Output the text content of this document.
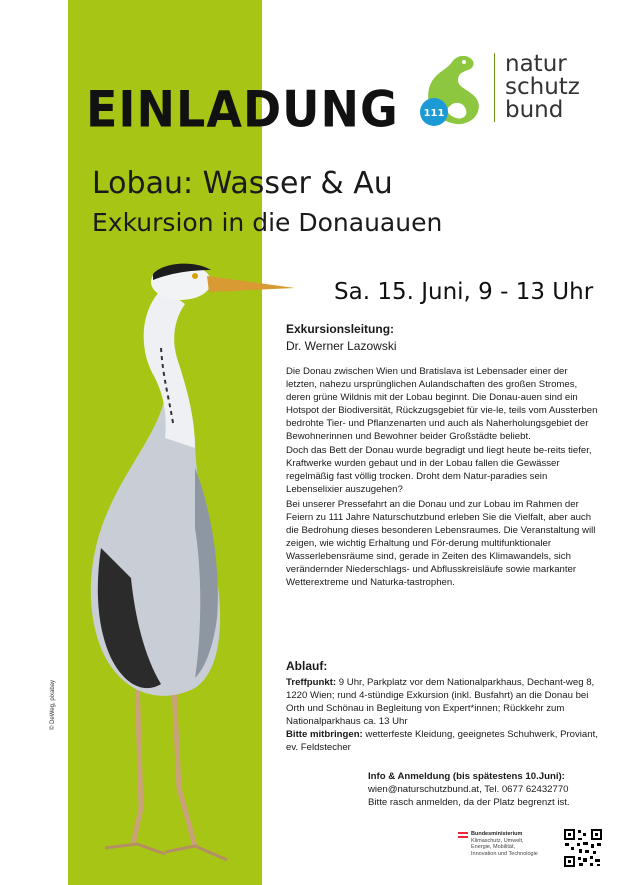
EINLADUNG 111
natur
schutz
bund
Lobau: Wasser & Au
Exkursion in die Donauauen
Sa. 15. Juni, 9 - 13 Uhr
© DeWeg, pixabay
Exkursionsleitung:
Dr. Werner Lazowski

Die Donau zwischen Wien und Bratislava ist Lebensader einer der letzten, nahezu ursprünglichen Aulandschaften des großen Stromes, deren grüne Wildnis mit der Lobau beginnt. Die Donau-auen sind ein Hotspot der Biodiversität, Rückzugsgebiet für vie-le, teils vom Aussterben bedrohte Tier- und Pflanzenarten und auch als Naherholungsgebiet der Bewohnerinnen und Bewohner beider Großstädte beliebt.

Doch das Bett der Donau wurde begradigt und liegt heute be-reits tiefer, Kraftwerke wurden gebaut und in der Lobau fallen die Gewässer regelmäßig fast völlig trocken. Droht dem Natur-paradies sein Lebenselixier auszugehen?

Bei unserer Pressefahrt an die Donau und zur Lobau im Rahmen der Feiern zu 111 Jahre Naturschutzbund erleben Sie die Vielfalt, aber auch die Bedrohung dieses besonderen Lebensraumes. Die Veranstaltung will zeigen, wie wichtig Erhaltung und För-derung multifunktionaler Wasserlebensräume sind, gerade in Zeiten des Klimawandels, sich verändernder Niederschlags- und Abflusskreisläufe sowie markanter Wetterextreme und Naturka-tastrophen.

Ablauf:

Treffpunkt: 9 Uhr, Parkplatz vor dem Nationalparkhaus, Dechant-weg 8, 1220 Wien; rund 4-stündige Exkursion (inkl. Busfahrt) an die Donau bei Orth und Schönau in Begleitung von Expert*innen; Rückkehr zum Nationalparkhaus ca. 13 Uhr

Bitte mitbringen: wetterfeste Kleidung, geeignetes Schuhwerk, Proviant, ev. Feldstecher

Info & Anmeldung (bis spätestens 10.Juni):

wien@naturschutzbund.at, Tel. 0677 62432770

Bitte rasch anmelden, da der Platz begrenzt ist.

Bundesministerium
Klimaschutz, Umwelt,
Energie, Mobilität,
Innovation und Technologie
